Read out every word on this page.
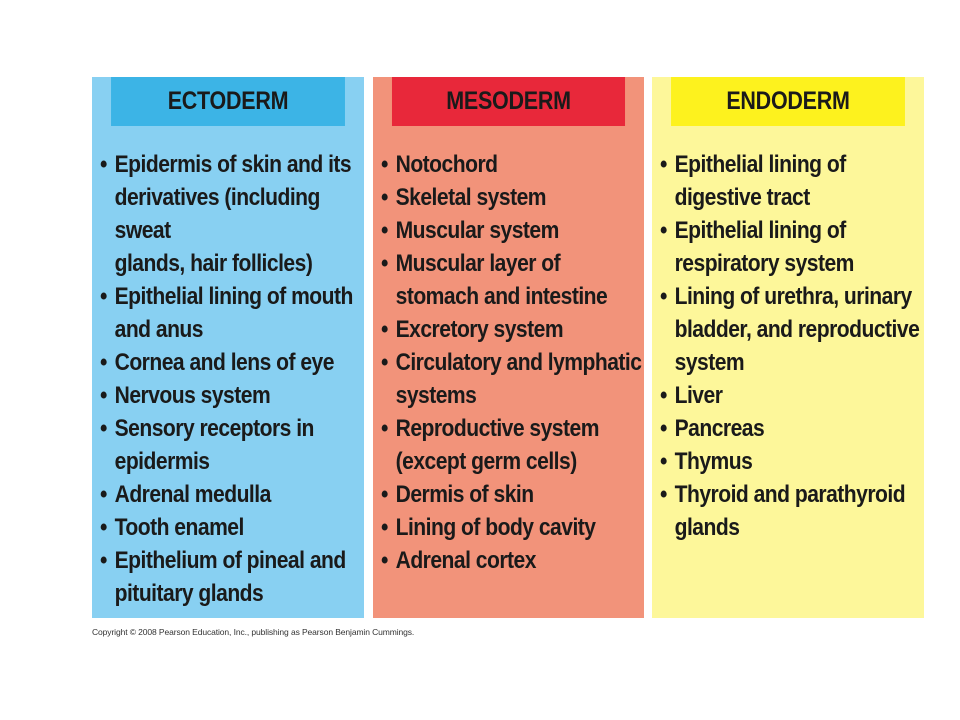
ECTODERM
• Epidermis of skin and its
derivatives (including sweat
glands, hair follicles)
• Epithelial lining of mouth
and anus
• Cornea and lens of eye
• Nervous system
• Sensory receptors in
epidermis
• Adrenal medulla
• Tooth enamel
• Epithelium of pineal and
pituitary glands
MESODERM
• Notochord
• Skeletal system
• Muscular system
• Muscular layer of
stomach and intestine
• Excretory system
• Circulatory and lymphatic
systems
• Reproductive system
(except germ cells)
• Dermis of skin
• Lining of body cavity
• Adrenal cortex
ENDODERM
• Epithelial lining of
digestive tract
• Epithelial lining of
respiratory system
• Lining of urethra, urinary
bladder, and reproductive
system
• Liver
• Pancreas
• Thymus
• Thyroid and parathyroid
glands
Copyright © 2008 Pearson Education, Inc., publishing as Pearson Benjamin Cummings.
